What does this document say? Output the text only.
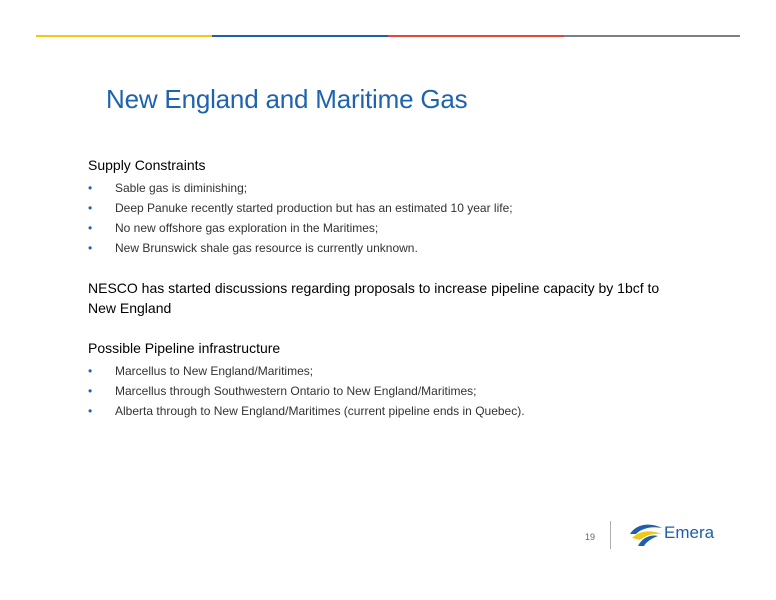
New England and Maritime Gas
Supply Constraints
• Sable gas is diminishing;
• Deep Panuke recently started production but has an estimated 10 year life;
• No new offshore gas exploration in the Maritimes;
• New Brunswick shale gas resource is currently unknown.
NESCO has started discussions regarding proposals to increase pipeline capacity by 1bcf to New England
Possible Pipeline infrastructure
• Marcellus to New England/Maritimes;
• Marcellus through Southwestern Ontario to New England/Maritimes;
• Alberta through to New England/Maritimes (current pipeline ends in Quebec).
19	Emera
